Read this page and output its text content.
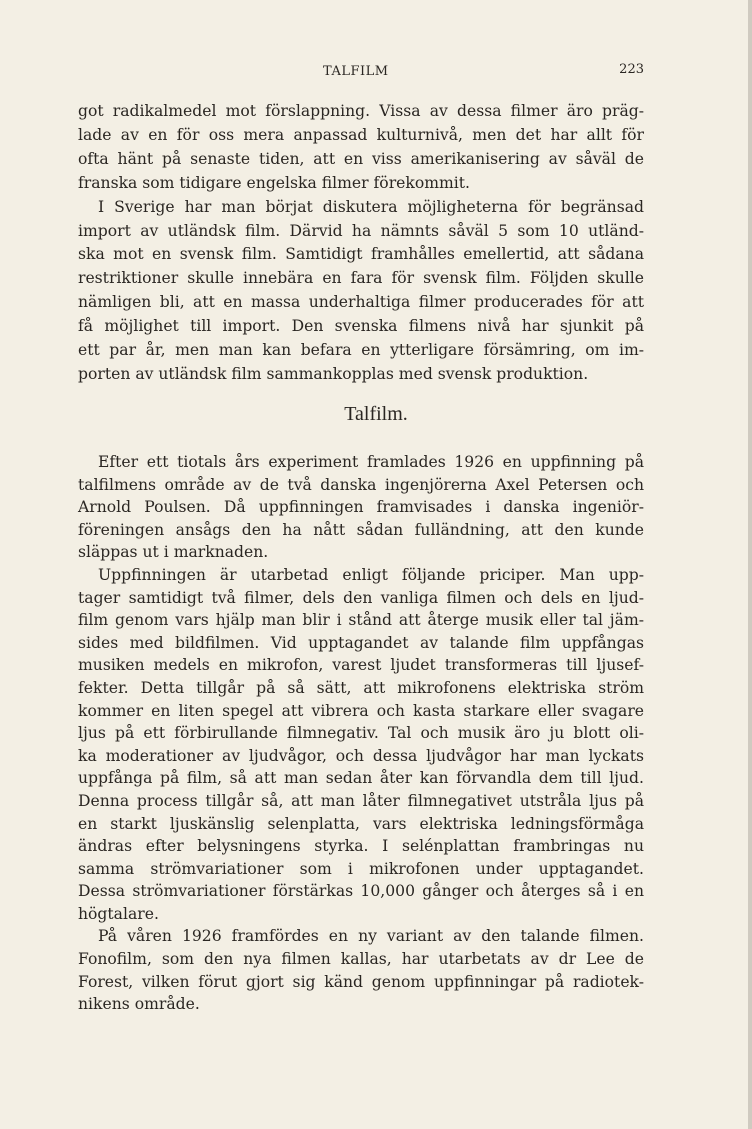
TALFILM	223
got radikalmedel mot förslappning. Vissa av dessa filmer äro präg-
lade av en för oss mera anpassad kulturnivå, men det har allt för
ofta hänt på senaste tiden, att en viss amerikanisering av såväl de
franska som tidigare engelska filmer förekommit.
I Sverige har man börjat diskutera möjligheterna för begränsad
import av utländsk film. Därvid ha nämnts såväl 5 som 10 utländ-
ska mot en svensk film. Samtidigt framhålles emellertid, att sådana
restriktioner skulle innebära en fara för svensk film. Följden skulle
nämligen bli, att en massa underhaltiga filmer producerades för att
få möjlighet till import. Den svenska filmens nivå har sjunkit på
ett par år, men man kan befara en ytterligare försämring, om im-
porten av utländsk film sammankopplas med svensk produktion.
Talfilm.
Efter ett tiotals års experiment framlades 1926 en uppfinning på
talfilmens område av de två danska ingenjörerna Axel Petersen och
Arnold Poulsen. Då uppfinningen framvisades i danska ingeniör-
föreningen ansågs den ha nått sådan fulländning, att den kunde
släppas ut i marknaden.
Uppfinningen är utarbetad enligt följande priciper. Man upp-
tager samtidigt två filmer, dels den vanliga filmen och dels en ljud-
film genom vars hjälp man blir i stånd att återge musik eller tal jäm-
sides med bildfilmen. Vid upptagandet av talande film uppfångas
musiken medels en mikrofon, varest ljudet transformeras till ljusef-
fekter. Detta tillgår på så sätt, att mikrofonens elektriska ström
kommer en liten spegel att vibrera och kasta starkare eller svagare
ljus på ett förbirullande filmnegativ. Tal och musik äro ju blott oli-
ka moderationer av ljudvågor, och dessa ljudvågor har man lyckats
uppfånga på film, så att man sedan åter kan förvandla dem till ljud.
Denna process tillgår så, att man låter filmnegativet utstråla ljus på
en starkt ljuskänslig selenplatta, vars elektriska ledningsförmåga
ändras efter belysningens styrka. I selénplattan frambringas nu
samma strömvariationer som i mikrofonen under upptagandet.
Dessa strömvariationer förstärkas 10,000 gånger och återges så i en
högtalare.
På våren 1926 framfördes en ny variant av den talande filmen.
Fonofilm, som den nya filmen kallas, har utarbetats av dr Lee de
Forest, vilken förut gjort sig känd genom uppfinningar på radiotek-
nikens område.
